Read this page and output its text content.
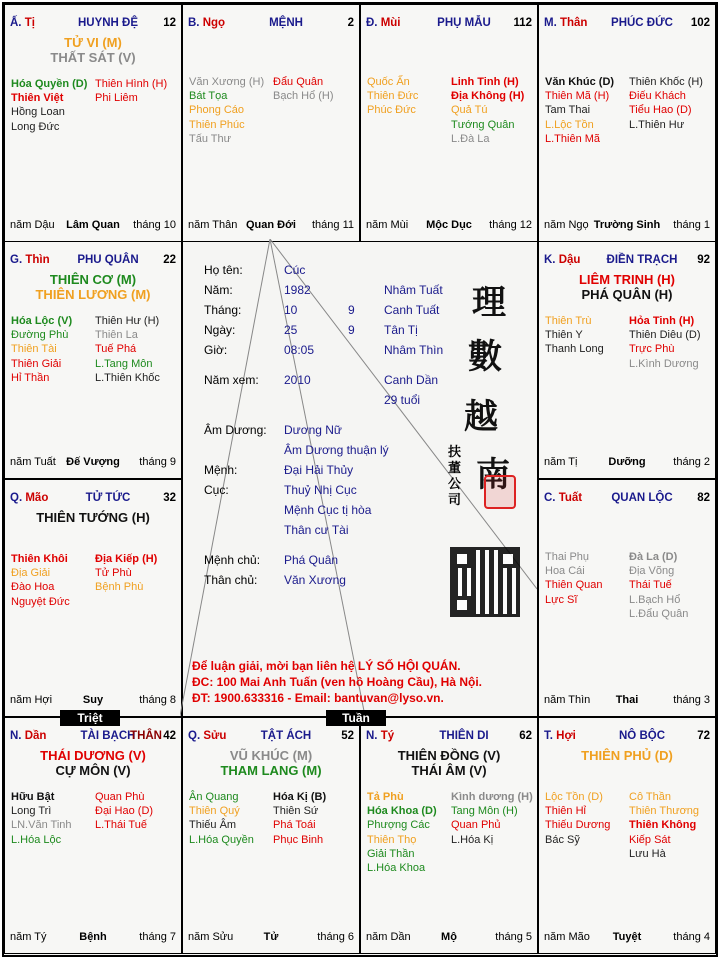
Ấ. Tị	HUYNH ĐỆ	12
TỬ VI (M)
THẤT SÁT (V)
Hóa Quyền (D)
Thiên Việt
Hồng Loan
Long Đức
Thiên Hình (H)
Phi Liêm
năm Dậu	Lâm Quan	tháng 10
B. Ngọ	MỆNH	2
Văn Xương (H)
Bát Tọa
Phong Cáo
Thiên Phúc
Tấu Thư
Đẩu Quân
Bạch Hổ (H)
năm Thân Quan Đới	tháng 11
Đ. Mùi	PHỤ MẪU	112
Quốc Ấn
Thiên Đức
Phúc Đức
Linh Tinh (H)
Địa Không (H)
Quả Tú
Tướng Quân
L.Đà La
năm Mùi	Mộc Dục	tháng 12
M. Thân	PHÚC ĐỨC	102
Văn Khúc (D)
Thiên Mã (H)
Tam Thai
L.Lộc Tồn
L.Thiên Mã
Thiên Khốc (H)
Điếu Khách
Tiểu Hao (D)
L.Thiên Hư
năm Ngọ Trường Sinh	tháng 1
G. Thìn	PHU QUÂN	22
THIÊN CƠ (M)
THIÊN LƯƠNG (M)
Hóa Lộc (V)
Đường Phù
Thiên Tài
Thiên Giải
Hỉ Thần
Thiên Hư (H)
Thiên La
Tuế Phá
L.Tang Môn
L.Thiên Khốc
năm Tuất Đế Vượng	tháng 9
K. Dậu ĐIỀN TRẠCH 92
LIÊM TRINH (H)
PHÁ QUÂN (H)
Thiên Trù
Thiên Y
Thanh Long
Hỏa Tinh (H)
Thiên Diêu (D)
Trực Phù
L.Kình Dương
năm Tị	Dưỡng	tháng 2
Q. Mão	TỬ TỨC	32
THIÊN TƯỚNG (H)
Thiên Khôi
Địa Giải
Đào Hoa
Nguyệt Đức
Địa Kiếp (H)
Tử Phù
Bệnh Phù
năm Hợi	Suy	tháng 8
C. Tuất	QUAN LỘC	82
Thai Phụ
Hoa Cái
Thiên Quan
Lực Sĩ
Đà La (D)
Địa Võng
Thái Tuế
L.Bạch Hổ
L.Đẩu Quân
năm Thìn	Thai	tháng 3
N. Dần	TÀI BẠCH
THÂN 42
THÁI DƯƠNG (V)
CỰ MÔN (V)
Hữu Bật
Long Trì
LN.Văn Tinh
L.Hóa Lộc
Quan Phù
Đại Hao (D)
L.Thái Tuế
năm Tý	Bệnh	tháng 7
Q. Sửu	TẬT ÁCH	52
VŨ KHÚC (M)
THAM LANG (M)
Ân Quang
Thiên Quý
Thiếu Âm
L.Hóa Quyền
Hóa Kị (B)
Thiên Sứ
Phá Toái
Phục Binh
năm Sửu	Tử	tháng 6
N. Tý	THIÊN DI	62
THIÊN ĐỒNG (V)
THÁI ÂM (V)
Tả Phù
Hóa Khoa (D)
Phượng Các
Thiên Thọ
Giải Thần
L.Hóa Khoa
Kình dương (H)
Tang Môn (H)
Quan Phủ
L.Hóa Kị
năm Dần	Mộ	tháng 5
T. Hợi	NÔ BỘC	72
THIÊN PHỦ (D)
Lộc Tồn (D)
Thiên Hỉ
Thiếu Dương
Bác Sỹ
Cô Thần
Thiên Thương
Thiên Không
Kiếp Sát
Lưu Hà
năm Mão	Tuyệt	tháng 4
Họ tên:	Cúc
Năm:	1982	Nhâm Tuất
Tháng:	10	9 Canh Tuất
Ngày:	25	9 Tân Tị
Giờ:	08:05	Nhâm Thìn
Năm xem: 2010	Canh Dần
29 tuổi
Âm Dương: Dương Nữ
Âm Dương thuận lý
Mệnh:	Đại Hải Thủy
Cục:	Thuỷ Nhị Cục
Mệnh Cục tị hòa
Thân cư Tài
Mệnh chủ: Phá Quân
Thân chủ: Văn Xương
理
數
越
南
扶董公司
Để luận giải, mời bạn liên hệ LÝ SỐ HỘI QUÁN.
ĐC: 100 Mai Anh Tuấn (ven hồ Hoàng Cầu), Hà Nội.
ĐT: 1900.633316 - Email: bantuvan@lyso.vn.
Triệt	Tuần
